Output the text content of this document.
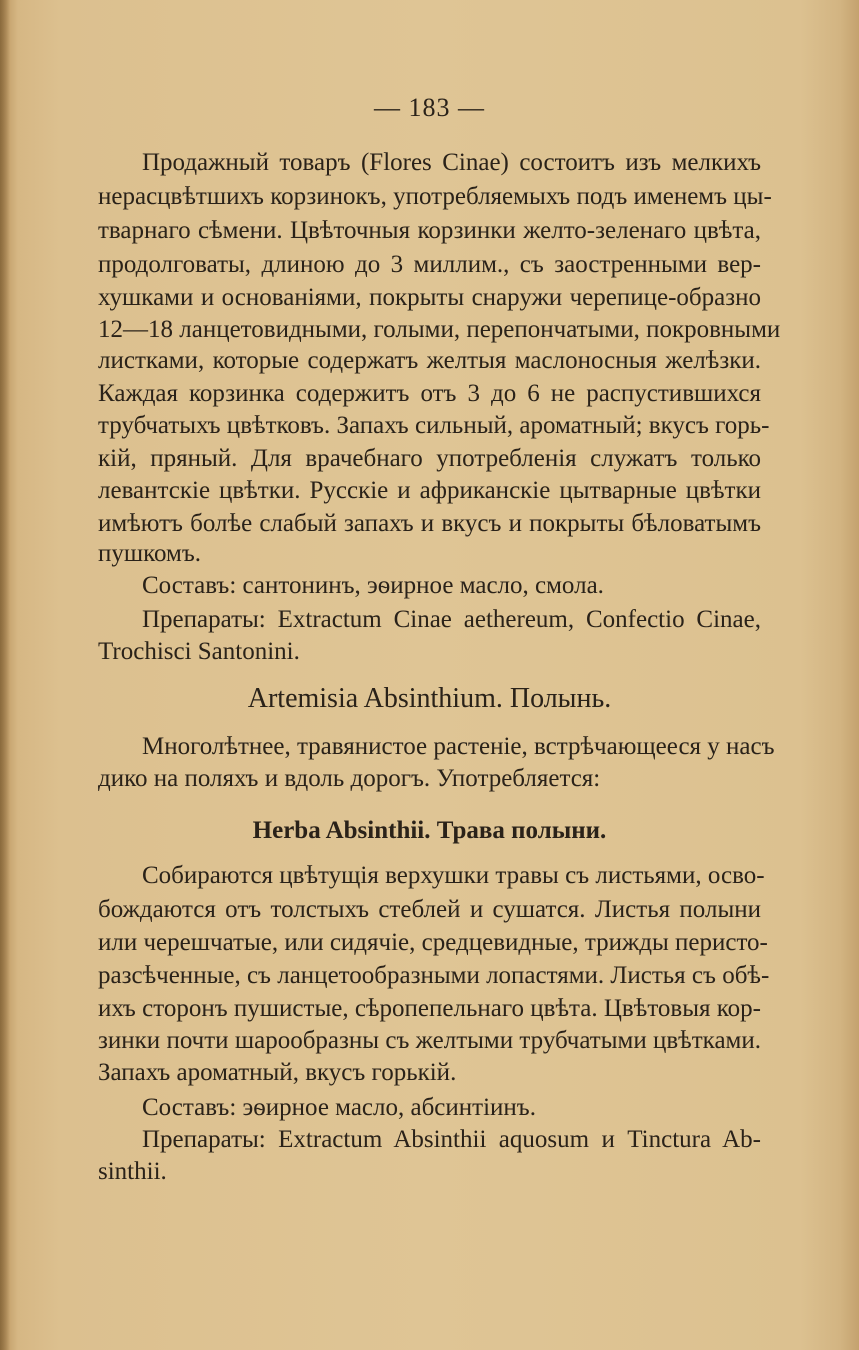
— 183 —
Продажный товаръ (Flores Cinae) состоитъ изъ мелкихъ
нерасцвѣтшихъ корзинокъ, употребляемыхъ подъ именемъ цы-
тварнаго сѣмени. Цвѣточныя корзинки желто-зеленаго цвѣта,
продолговаты, длиною до 3 миллим., съ заостренными вер-
хушками и основаніями, покрыты снаружи черепице-образно
12—18 ланцетовидными, голыми, перепончатыми, покровными
листками, которые содержатъ желтыя маслоносныя желѣзки.
Каждая корзинка содержитъ отъ 3 до 6 не распустившихся
трубчатыхъ цвѣтковъ. Запахъ сильный, ароматный; вкусъ горь-
кій, пряный. Для врачебнаго употребленія служатъ только
левантскіе цвѣтки. Русскіе и африканскіе цытварные цвѣтки
имѣютъ болѣе слабый запахъ и вкусъ и покрыты бѣловатымъ
пушкомъ.
Составъ: сантонинъ, эѳирное масло, смола.
Препараты: Extractum Cinae aethereum, Confectio Cinae,
Trochisci Santonini.
Artemisia Absinthium. Полынь.
Многолѣтнее, травянистое растеніе, встрѣчающееся у насъ
дико на поляхъ и вдоль дорогъ. Употребляется:
Herba Absinthii. Трава полыни.
Собираются цвѣтущія верхушки травы съ листьями, осво-
бождаются отъ толстыхъ стеблей и сушатся. Листья полыни
или черешчатые, или сидячіе, средцевидные, трижды перисто-
разсѣченные, съ ланцетообразными лопастями. Листья съ обѣ-
ихъ сторонъ пушистые, сѣропепельнаго цвѣта. Цвѣтовыя кор-
зинки почти шарообразны съ желтыми трубчатыми цвѣтками.
Запахъ ароматный, вкусъ горькій.
Составъ: эѳирное масло, абсинтіинъ.
Препараты: Extractum Absinthii aquosum и Tinctura Ab-
sinthii.
